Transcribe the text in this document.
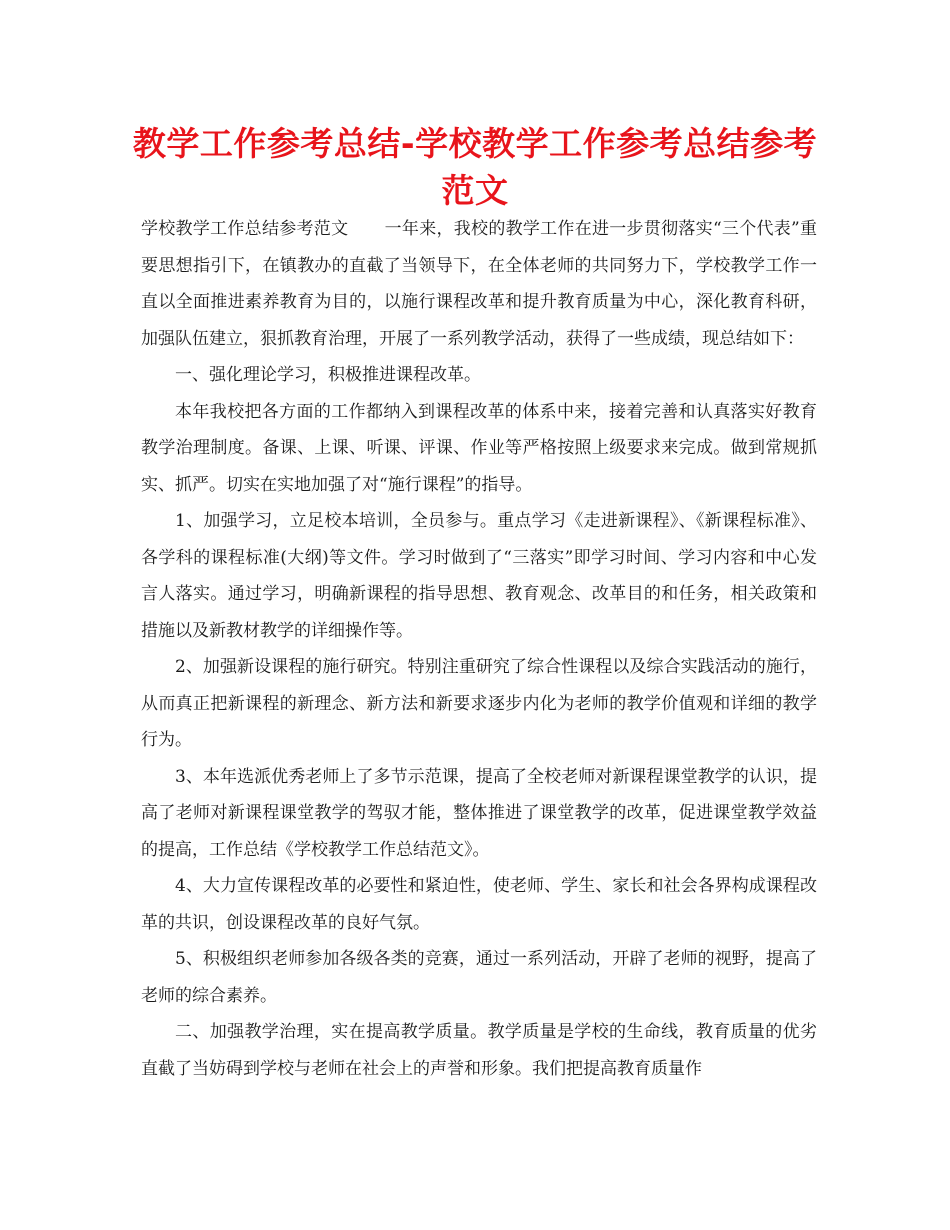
教学工作参考总结-学校教学工作参考总结参考范文

学校教学工作总结参考范文 一年来，我校的教学工作在进一步贯彻落实“三个代表”重要思想指引下，在镇教办的直截了当领导下，在全体老师的共同努力下，学校教学工作一直以全面推进素养教育为目的，以施行课程改革和提升教育质量为中心，深化教育科研，加强队伍建立，狠抓教育治理，开展了一系列教学活动，获得了一些成绩，现总结如下：

一、强化理论学习，积极推进课程改革。

本年我校把各方面的工作都纳入到课程改革的体系中来，接着完善和认真落实好教育教学治理制度。备课、上课、听课、评课、作业等严格按照上级要求来完成。做到常规抓实、抓严。切实在实地加强了对“施行课程”的指导。

1、加强学习，立足校本培训，全员参与。重点学习《走进新课程》、《新课程标准》、各学科的课程标准(大纲)等文件。学习时做到了“三落实”即学习时间、学习内容和中心发言人落实。通过学习，明确新课程的指导思想、教育观念、改革目的和任务，相关政策和措施以及新教材教学的详细操作等。

2、加强新设课程的施行研究。特别注重研究了综合性课程以及综合实践活动的施行，从而真正把新课程的新理念、新方法和新要求逐步内化为老师的教学价值观和详细的教学行为。

3、本年选派优秀老师上了多节示范课，提高了全校老师对新课程课堂教学的认识，提高了老师对新课程课堂教学的驾驭才能，整体推进了课堂教学的改革，促进课堂教学效益的提高，工作总结《学校教学工作总结范文》。

4、大力宣传课程改革的必要性和紧迫性，使老师、学生、家长和社会各界构成课程改革的共识，创设课程改革的良好气氛。

5、积极组织老师参加各级各类的竞赛，通过一系列活动，开辟了老师的视野，提高了老师的综合素养。

二、加强教学治理，实在提高教学质量。教学质量是学校的生命线，教育质量的优劣直截了当妨碍到学校与老师在社会上的声誉和形象。我们把提高教育质量作
